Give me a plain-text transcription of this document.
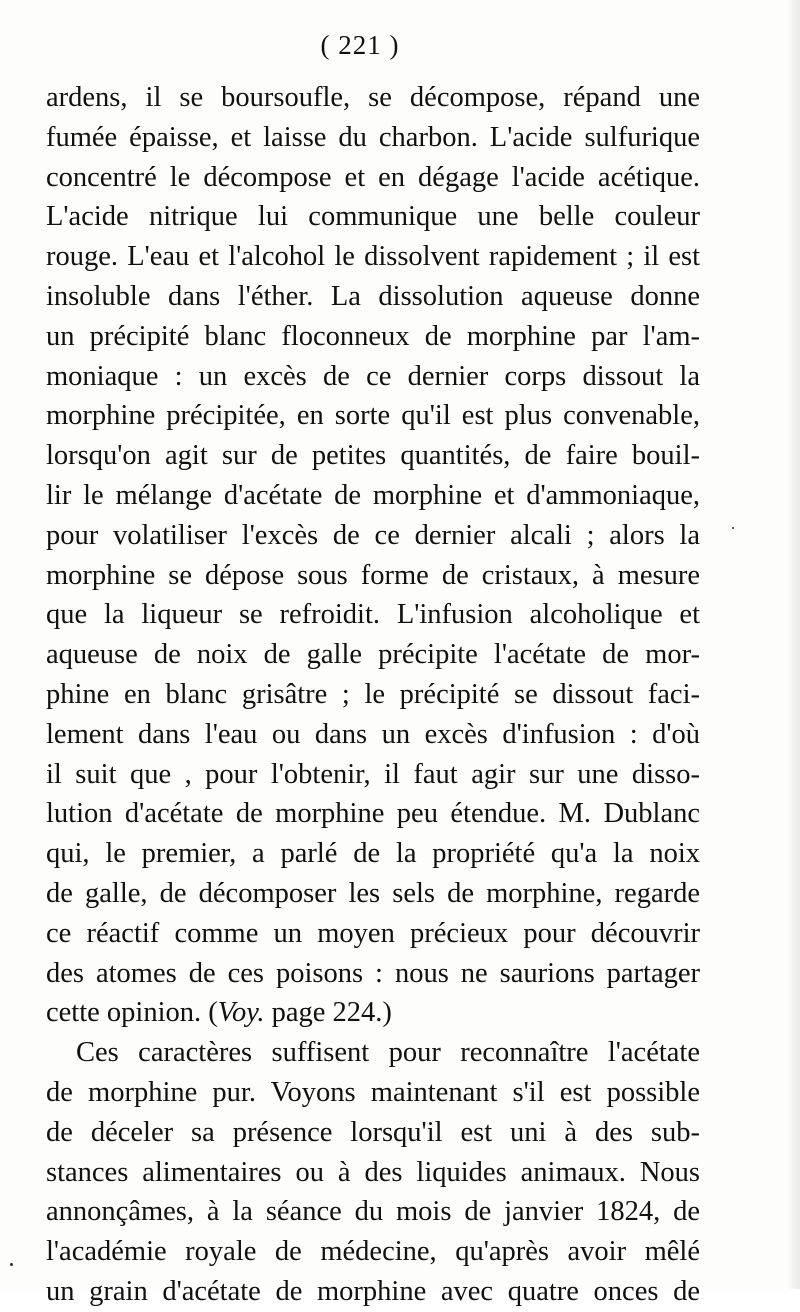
( 221 )
ardens, il se boursoufle, se décompose, répand une
fumée épaisse, et laisse du charbon. L'acide sulfurique
concentré le décompose et en dégage l'acide acétique.
L'acide nitrique lui communique une belle couleur
rouge. L'eau et l'alcohol le dissolvent rapidement ; il est
insoluble dans l'éther. La dissolution aqueuse donne
un précipité blanc floconneux de morphine par l'am-
moniaque : un excès de ce dernier corps dissout la
morphine précipitée, en sorte qu'il est plus convenable,
lorsqu'on agit sur de petites quantités, de faire bouil-
lir le mélange d'acétate de morphine et d'ammoniaque,
pour volatiliser l'excès de ce dernier alcali ; alors la
morphine se dépose sous forme de cristaux, à mesure
que la liqueur se refroidit. L'infusion alcoholique et
aqueuse de noix de galle précipite l'acétate de mor-
phine en blanc grisâtre ; le précipité se dissout faci-
lement dans l'eau ou dans un excès d'infusion : d'où
il suit que , pour l'obtenir, il faut agir sur une disso-
lution d'acétate de morphine peu étendue. M. Dublanc
qui, le premier, a parlé de la propriété qu'a la noix
de galle, de décomposer les sels de morphine, regarde
ce réactif comme un moyen précieux pour découvrir
des atomes de ces poisons : nous ne saurions partager
cette opinion. (Voy. page 224.)
Ces caractères suffisent pour reconnaître l'acétate
de morphine pur. Voyons maintenant s'il est possible
de déceler sa présence lorsqu'il est uni à des sub-
stances alimentaires ou à des liquides animaux. Nous
annonçâmes, à la séance du mois de janvier 1824, de
l'académie royale de médecine, qu'après avoir mêlé
un grain d'acétate de morphine avec quatre onces de
